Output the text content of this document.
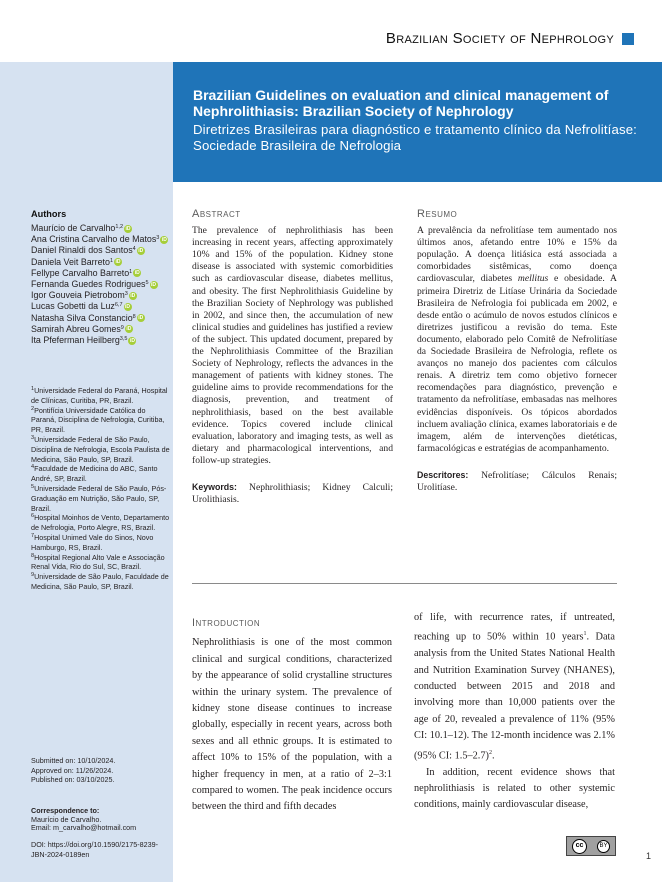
Brazilian Society of Nephrology
Brazilian Guidelines on evaluation and clinical management of Nephrolithiasis: Brazilian Society of Nephrology
Diretrizes Brasileiras para diagnóstico e tratamento clínico da Nefrolitíase: Sociedade Brasileira de Nefrologia
Authors
Maurício de Carvalho$^{1,2}$ iD
Ana Cristina Carvalho de Matos$^3$ iD
Daniel Rinaldi dos Santos$^4$ iD
Daniela Veit Barreto$^1$ iD
Fellype Carvalho Barreto$^1$ iD
Fernanda Guedes Rodrigues$^5$ iD
Igor Gouveia Pietrobom$^3$ iD
Lucas Gobetti da Luz$^{6,7}$ iD
Natasha Silva Constancio$^8$ iD
Samirah Abreu Gomes$^9$ iD
Ita Pfeferman Heilberg$^{3,5}$ iD
$^1$Universidade Federal do Paraná, Hospital de Clínicas, Curitiba, PR, Brazil.
$^2$Pontifícia Universidade Católica do Paraná, Disciplina de Nefrologia, Curitiba, PR, Brazil.
$^3$Universidade Federal de São Paulo, Disciplina de Nefrologia, Escola Paulista de Medicina, São Paulo, SP, Brazil.
$^4$Faculdade de Medicina do ABC, Santo André, SP, Brazil.
$^5$Universidade Federal de São Paulo, Pós-Graduação em Nutrição, São Paulo, SP, Brazil.
$^6$Hospital Moinhos de Vento, Departamento de Nefrologia, Porto Alegre, RS, Brazil.
$^7$Hospital Unimed Vale do Sinos, Novo Hamburgo, RS, Brazil.
$^8$Hospital Regional Alto Vale e Associação Renal Vida, Rio do Sul, SC, Brazil.
$^9$Universidade de São Paulo, Faculdade de Medicina, São Paulo, SP, Brazil.
Submitted on: 10/10/2024.
Approved on: 11/26/2024.
Published on: 03/10/2025.
Correspondence to:
Maurício de Carvalho.
Email: m_carvalho@hotmail.com
DOI: https://doi.org/10.1590/2175-8239-JBN-2024-0189en
Abstract
The prevalence of nephrolithiasis has been increasing in recent years, affecting approximately 10% and 15% of the population. Kidney stone disease is associated with systemic comorbidities such as cardiovascular disease, diabetes mellitus, and obesity. The first Nephrolithiasis Guideline by the Brazilian Society of Nephrology was published in 2002, and since then, the accumulation of new clinical studies and guidelines has justified a review of the subject. This updated document, prepared by the Nephrolithiasis Committee of the Brazilian Society of Nephrology, reflects the advances in the management of patients with kidney stones. The guideline aims to provide recommendations for the diagnosis, prevention, and treatment of nephrolithiasis, based on the best available evidence. Topics covered include clinical evaluation, laboratory and imaging tests, as well as dietary and pharmacological interventions, and follow-up strategies.
Keywords: Nephrolithiasis; Kidney Calculi; Urolithiasis.
Resumo
A prevalência da nefrolitíase tem aumentado nos últimos anos, afetando entre 10% e 15% da população. A doença litiásica está associada a comorbidades sistêmicas, como doença cardiovascular, diabetes mellitus e obesidade. A primeira Diretriz de Litíase Urinária da Sociedade Brasileira de Nefrologia foi publicada em 2002, e desde então o acúmulo de novos estudos clínicos e diretrizes justificou a revisão do tema. Este documento, elaborado pelo Comitê de Nefrolitíase da Sociedade Brasileira de Nefrologia, reflete os avanços no manejo dos pacientes com cálculos renais. A diretriz tem como objetivo fornecer recomendações para diagnóstico, prevenção e tratamento da nefrolitíase, embasadas nas melhores evidências disponíveis. Os tópicos abordados incluem avaliação clínica, exames laboratoriais e de imagem, além de intervenções dietéticas, farmacológicas e estratégias de acompanhamento.
Descritores: Nefrolitíase; Cálculos Renais; Urolitíase.
Introduction
Nephrolithiasis is one of the most common clinical and surgical conditions, characterized by the appearance of solid crystalline structures within the urinary system. The prevalence of kidney stone disease continues to increase globally, especially in recent years, across both sexes and all ethnic groups. It is estimated to affect 10% to 15% of the population, with a higher frequency in men, at a ratio of 2–3:1 compared to women. The peak incidence occurs between the third and fifth decades
of life, with recurrence rates, if untreated, reaching up to 50% within 10 years$^1$. Data analysis from the United States National Health and Nutrition Examination Survey (NHANES), conducted between 2015 and 2018 and involving more than 10,000 patients over the age of 20, revealed a prevalence of 11% (95% CI: 10.1–12). The 12-month incidence was 2.1% (95% CI: 1.5–2.7)$^2$.
In addition, recent evidence shows that nephrolithiasis is related to other systemic conditions, mainly cardiovascular disease,
cc	BY
1
